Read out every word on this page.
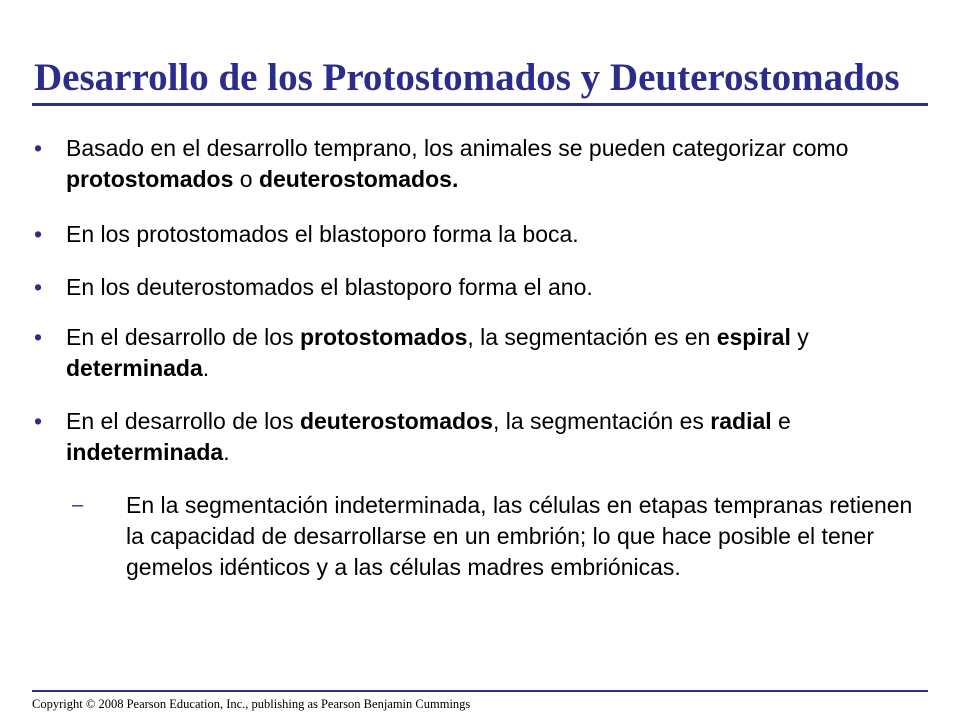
Desarrollo de los Protostomados y Deuterostomados
• Basado en el desarrollo temprano, los animales se pueden categorizar como protostomados o deuterostomados.
• En los protostomados el blastoporo forma la boca.
• En los deuterostomados el blastoporo forma el ano.
• En el desarrollo de los protostomados, la segmentación es en espiral y determinada.
• En el desarrollo de los deuterostomados, la segmentación es radial e indeterminada.
– En la segmentación indeterminada, las células en etapas tempranas retienen la capacidad de desarrollarse en un embrión; lo que hace posible el tener gemelos idénticos y a las células madres embriónicas.
Copyright © 2008 Pearson Education, Inc., publishing as Pearson Benjamin Cummings
